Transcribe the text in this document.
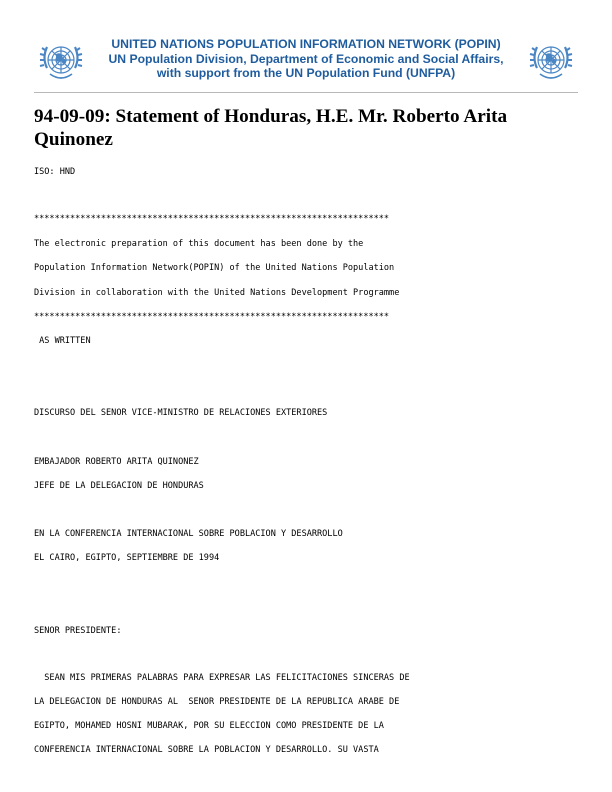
UNITED NATIONS POPULATION INFORMATION NETWORK (POPIN)
UN Population Division, Department of Economic and Social Affairs,
with support from the UN Population Fund (UNFPA)
94-09-09: Statement of Honduras, H.E. Mr. Roberto Arita Quinonez
ISO: HND
*********************************************************************
The electronic preparation of this document has been done by the
Population Information Network(POPIN) of the United Nations Population
Division in collaboration with the United Nations Development Programme
*********************************************************************
AS WRITTEN
DISCURSO DEL SENOR VICE-MINISTRO DE RELACIONES EXTERIORES
EMBAJADOR ROBERTO ARITA QUINONEZ
JEFE DE LA DELEGACION DE HONDURAS
EN LA CONFERENCIA INTERNACIONAL SOBRE POBLACION Y DESARROLLO
EL CAIRO, EGIPTO, SEPTIEMBRE DE 1994
SENOR PRESIDENTE:
SEAN MIS PRIMERAS PALABRAS PARA EXPRESAR LAS FELICITACIONES SINCERAS DE
LA DELEGACION DE HONDURAS AL  SENOR PRESIDENTE DE LA REPUBLICA ARABE DE
EGIPTO, MOHAMED HOSNI MUBARAK, POR SU ELECCION COMO PRESIDENTE DE LA
CONFERENCIA INTERNACIONAL SOBRE LA POBLACION Y DESARROLLO. SU VASTA
